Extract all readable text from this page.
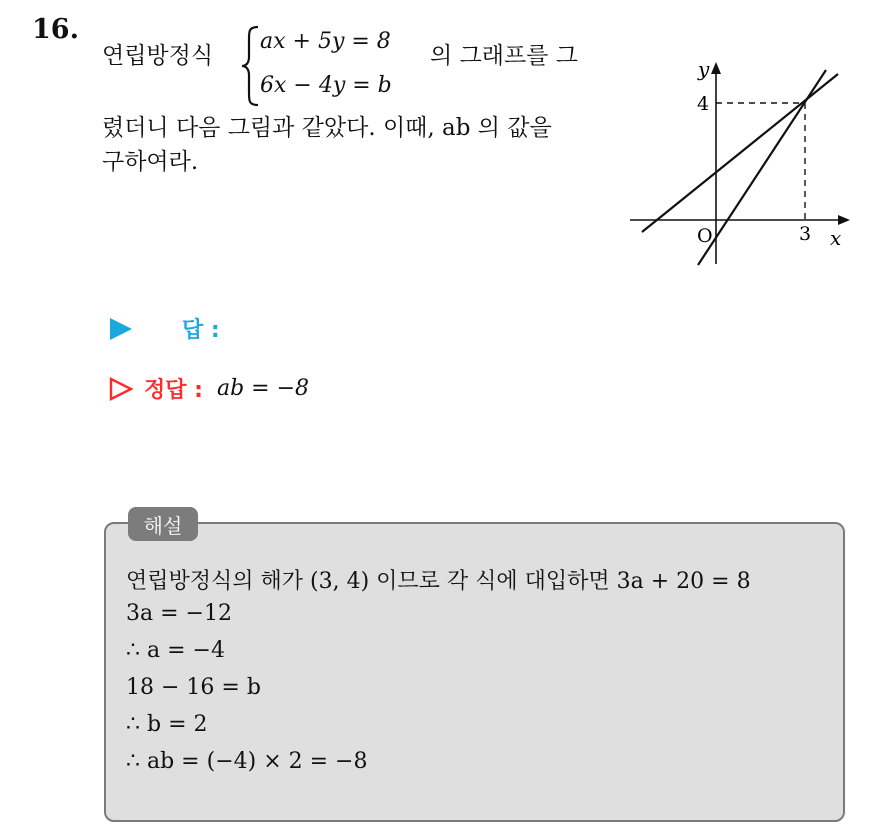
16.
연립방정식
ax + 5y = 8
6x − 4y = b
의 그래프를 그
렸더니 다음 그림과 같았다. 이때, ab 의 값을
구하여라.
y
x
O
4
3
답 :
정답 : ab = −8
해설
연립방정식의 해가 (3, 4) 이므로 각 식에 대입하면 3a + 20 = 8
3a = −12
∴ a = −4
18 − 16 = b
∴ b = 2
∴ ab = (−4) × 2 = −8
